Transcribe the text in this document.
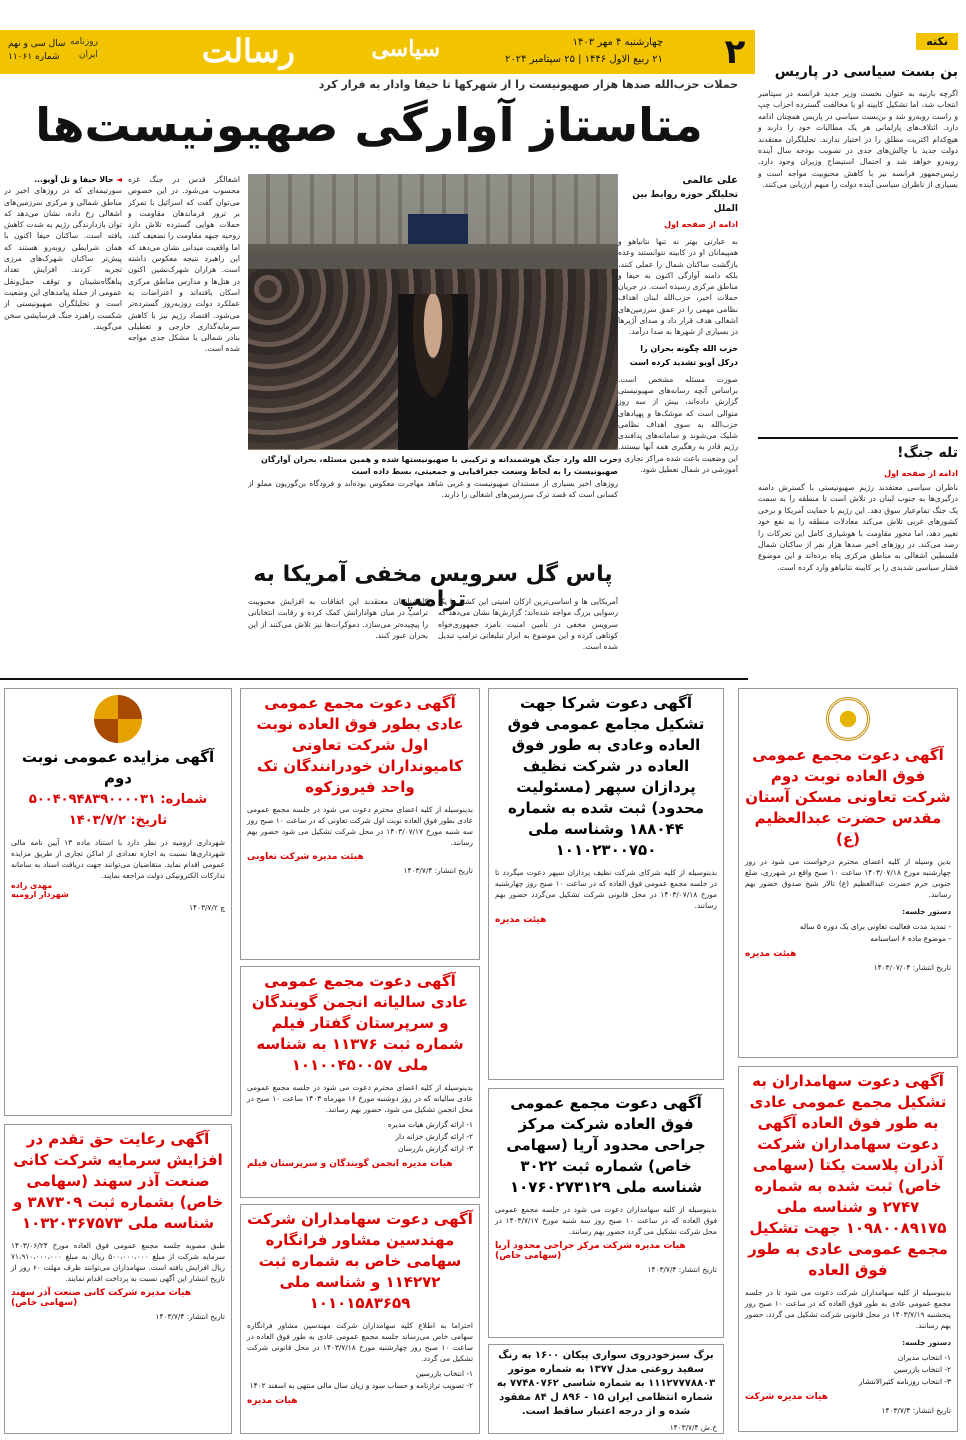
۲
چهارشنبه ۴ مهر ۱۴۰۳
۲۱ ربیع الاول ۱۴۴۶ | ۲۵ سپتامبر ۲۰۲۴
سیاسی
رسالت
روزنامه
ایران
سال سی و نهم
شماره ۱۱۰۶۱
نکته
بن بست سیاسی در پاریس
اگرچه بارنیه به عنوان نخست وزیر جدید فرانسه در سپتامبر انتخاب شد، اما تشکیل کابینه او با مخالفت گسترده احزاب چپ و راست روبه‌رو شد و بن‌بست سیاسی در پاریس همچنان ادامه دارد. ائتلاف‌های پارلمانی هر یک مطالبات خود را دارند و هیچ‌کدام اکثریت مطلق را در اختیار ندارند. تحلیلگران معتقدند دولت جدید با چالش‌های جدی در تصویب بودجه سال آینده روبه‌رو خواهد شد و احتمال استیضاح وزیران وجود دارد. رئیس‌جمهور فرانسه نیز با کاهش محبوبیت مواجه است و بسیاری از ناظران سیاسی آینده دولت را مبهم ارزیابی می‌کنند.
تله جنگ!
ادامه از صفحه اول
ناظران سیاسی معتقدند رژیم صهیونیستی با گسترش دامنه درگیری‌ها به جنوب لبنان در تلاش است تا منطقه را به سمت یک جنگ تمام‌عیار سوق دهد. این رژیم با حمایت آمریکا و برخی کشورهای غربی تلاش می‌کند معادلات منطقه را به نفع خود تغییر دهد، اما محور مقاومت با هوشیاری کامل این تحرکات را رصد می‌کند. در روزهای اخیر صدها هزار نفر از ساکنان شمال فلسطین اشغالی به مناطق مرکزی پناه برده‌اند و این موضوع فشار سیاسی شدیدی را بر کابینه نتانیاهو وارد کرده است.
حملات حزب‌الله صدها هزار صهیونیست را از شهرکها تا حیفا وادار به فرار کرد
متاستاز آوارگی صهیونیست‌ها
علی عالمی
تحلیلگر حوزه روابط بین الملل
ادامه از صفحه اول
به عبارتی بهتر نه تنها نتانیاهو و همپیمانان او در کابینه نتوانستند وعده بازگشت ساکنان شمال را عملی کنند، بلکه دامنه آوارگی اکنون به حیفا و مناطق مرکزی رسیده است. در جریان حملات اخیر، حزب‌الله لبنان اهداف نظامی مهمی را در عمق سرزمین‌های اشغالی هدف قرار داد و صدای آژیرها در بسیاری از شهرها به صدا درآمد.
حزب الله چگونه بحران را درکل آویو تشدید کرده است
صورت مسئله مشخص است. براساس آنچه رسانه‌های صهیونیستی گزارش داده‌اند، بیش از سه روز متوالی است که موشک‌ها و پهپادهای حزب‌الله به سوی اهداف نظامی شلیک می‌شوند و سامانه‌های پدافندی رژیم قادر به رهگیری همه آنها نیستند. این وضعیت باعث شده مراکز تجاری و آموزشی در شمال تعطیل شود.
حزب الله وارد جنگ هوشمندانه و ترکیبی با صهیونیستها شده و همین مسئله، بحران آوارگان صهیونیست را به لحاظ وسعت جغرافیایی و جمعیتی، بسط داده است
اشغالگر قدس در جنگ غزه محسوب می‌شود. در این خصوص می‌توان گفت که اسرائیل با تمرکز بر ترور فرماندهان مقاومت و حملات هوایی گسترده تلاش دارد روحیه جبهه مقاومت را تضعیف کند، اما واقعیت میدانی نشان می‌دهد که این راهبرد نتیجه معکوس داشته است. هزاران شهرک‌نشین اکنون در هتل‌ها و مدارس مناطق مرکزی اسکان یافته‌اند و اعتراضات به عملکرد دولت روزبه‌روز گسترده‌تر می‌شود. اقتصاد رژیم نیز با کاهش سرمایه‌گذاری خارجی و تعطیلی بنادر شمالی با مشکل جدی مواجه شده است.
◄ حالا حیفا و تل آویو...
سورتیمه‌ای که در روزهای اخیر در مناطق شمالی و مرکزی سرزمین‌های اشغالی رخ داده، نشان می‌دهد که توان بازدارندگی رژیم به شدت کاهش یافته است. ساکنان حیفا اکنون با همان شرایطی روبه‌رو هستند که پیش‌تر ساکنان شهرک‌های مرزی تجربه کردند. افزایش تعداد پناهگاه‌نشینان و توقف حمل‌ونقل عمومی از جمله پیامدهای این وضعیت است و تحلیلگران صهیونیستی از شکست راهبرد جنگ فرسایشی سخن می‌گویند.
روزهای اخیر بسیاری از مستندان صهیونیست و غربی شاهد مهاجرت معکوس بوده‌اند و فرودگاه بن‌گوریون مملو از کسانی است که قصد ترک سرزمین‌های اشغالی را دارند.
پاس گل سرویس مخفی آمریکا به ترامپ
آمریکایی ها و اساسی‌ترین ارکان امنیتی این کشور با یک رسوایی بزرگ مواجه شده‌اند؛ گزارش‌ها نشان می‌دهد که سرویس مخفی در تأمین امنیت نامزد جمهوری‌خواه کوتاهی کرده و این موضوع به ابزار تبلیغاتی ترامپ تبدیل شده است.
کارشناسان معتقدند این اتفاقات به افزایش محبوبیت ترامپ در میان هوادارانش کمک کرده و رقابت انتخاباتی را پیچیده‌تر می‌سازد. دموکرات‌ها نیز تلاش می‌کنند از این بحران عبور کنند.
آگهی دعوت مجمع عمومی فوق العاده نوبت دوم شرکت تعاونی مسکن آستان مقدس حضرت عبدالعظیم (ع)
بدین وسیله از کلیه اعضای محترم درخواست می شود در روز چهارشنبه مورخ ۱۴۰۳/۰۷/۱۸ ساعت ۱۰ صبح واقع در شهرری، ضلع جنوبی حرم حضرت عبدالعظیم (ع) تالار شیخ صدوق حضور بهم رسانند.
دستور جلسه:
- تمدید مدت فعالیت تعاونی برای یک دوره ۵ ساله
- موضوع ماده ۶ اساسنامه
هیئت مدیره
تاریخ انتشار: ۱۴۰۳/۰۷/۰۴
آگهی دعوت سهامداران به تشکیل مجمع عمومی عادی به طور فوق العاده آگهی دعوت سهامداران شرکت آذران پلاست یکتا (سهامی خاص) ثبت شده به شماره ۲۷۴۷ و شناسه ملی ۱۰۹۸۰۰۸۹۱۷۵ جهت تشکیل مجمع عمومی عادی به طور فوق العاده
بدینوسیله از کلیه سهامداران شرکت دعوت می شود تا در جلسه مجمع عمومی عادی به طور فوق العاده که در ساعت ۱۰ صبح روز پنجشنبه ۱۴۰۳/۷/۱۹ در محل قانونی شرکت تشکیل می گردد، حضور بهم رسانند.
دستور جلسه:
۱- انتخاب مدیران
۲- انتخاب بازرسین
۳- انتخاب روزنامه کثیرالانتشار
هیات مدیره شرکت
تاریخ انتشار: ۱۴۰۳/۷/۴
آگهی دعوت شرکا جهت تشکیل مجامع عمومی فوق العاده وعادی به طور فوق العاده در شرکت نظیف پردازان سپهر (مسئولیت محدود) ثبت شده به شماره ۱۸۸۰۴۴ وشناسه ملی ۱۰۱۰۲۳۰۰۷۵۰
بدینوسیله از کلیه شرکای شرکت نظیف پردازان سپهر دعوت میگردد تا در جلسه مجمع عمومی فوق العاده که در ساعت ۱۰ صبح روز چهارشنبه مورخ ۱۴۰۳/۰۷/۱۸ در محل قانونی شرکت تشکیل می‌گردد حضور بهم رسانند.
هیئت مدیره
آگهی دعوت مجمع عمومی فوق العاده شرکت مرکز جراحی محدود آریا (سهامی خاص) شماره ثبت ۳۰۲۲ شناسه ملی ۱۰۷۶۰۲۷۳۱۲۹
بدینوسیله از کلیه سهامداران دعوت می شود در جلسه مجمع عمومی فوق العاده که در ساعت ۱۰ صبح روز سه شنبه مورخ ۱۴۰۳/۷/۱۷ در محل شرکت تشکیل می گردد حضور بهم رسانند.
هیات مدیره شرکت مرکز جراحی محدود آریا (سهامی خاص)
تاریخ انتشار: ۱۴۰۳/۷/۴
برگ سبزخودروی سواری پیکان ۱۶۰۰ به رنگ سفید روغنی مدل ۱۳۷۷ به شماره موتور ۱۱۱۲۷۷۷۸۸۰۳ به شماره شاسی ۷۷۴۸۰۷۶۲ به شماره انتظامی ایران ۱۵ - ۸۹۶ ل ۸۴ مفقود شده و از درجه اعتبار ساقط است.
خ.ش ۱۴۰۳/۷/۴
آگهی دعوت مجمع عمومی عادی بطور فوق العاده نوبت اول شرکت تعاونی کامیونداران خودرانندگان تک واحد فیروزکوه
بدینوسیله از کلیه اعضای محترم دعوت می شود در جلسه مجمع عمومی عادی بطور فوق العاده نوبت اول شرکت تعاونی که در ساعت ۱۰ صبح روز سه شنبه مورخ ۱۴۰۳/۰۷/۱۷ در محل شرکت تشکیل می شود حضور بهم رسانند.
هیئت مدیره شرکت تعاونی
تاریخ انتشار: ۱۴۰۳/۷/۴
آگهی دعوت مجمع عمومی عادی سالیانه انجمن گویندگان و سرپرستان گفتار فیلم شماره ثبت ۱۱۳۷۶ به شناسه ملی ۱۰۱۰۰۴۵۰۰۵۷
بدینوسیله از کلیه اعضای محترم دعوت می شود در جلسه مجمع عمومی عادی سالیانه که در روز دوشنبه مورخ ۱۶ مهرماه ۱۴۰۳ ساعت ۱۰ صبح در محل انجمن تشکیل می شود، حضور بهم رسانند.
۱- ارائه گزارش هیات مدیره
۲- ارائه گزارش خزانه دار
۳- ارائه گزارش بازرسان
هیات مدیره انجمن گویندگان و سرپرستان فیلم
آگهی دعوت سهامداران شرکت مهندسین مشاور فرانگاره سهامی خاص به شماره ثبت ۱۱۴۲۷۲ و شناسه ملی ۱۰۱۰۱۵۸۳۶۵۹
احتراما به اطلاع کلیه سهامداران شرکت مهندسین مشاور فرانگاره سهامی خاص می‌رساند جلسه مجمع عمومی عادی به طور فوق العاده در ساعت ۱۰ صبح روز چهارشنبه مورخ ۱۴۰۳/۷/۱۸ در محل قانونی شرکت تشکیل می گردد.
۱- انتخاب بازرسین
۲- تصویب ترازنامه و حساب سود و زیان سال مالی منتهی به اسفند ۱۴۰۲
هیات مدیره
آگهی مزایده عمومی نوبت دوم
شماره: ۵۰۰۴۰۹۴۸۳۹۰۰۰۰۳۱
تاریخ: ۱۴۰۳/۷/۲
شهرداری ارومیه در نظر دارد با استناد ماده ۱۳ آیین نامه مالی شهرداری‌ها نسبت به اجاره تعدادی از اماکن تجاری از طریق مزایده عمومی اقدام نماید. متقاضیان می‌توانند جهت دریافت اسناد به سامانه تدارکات الکترونیکی دولت مراجعه نمایند.
مهدی زاده
شهردار ارومیه
چ ۱۴۰۳/۷/۲
آگهی رعایت حق تقدم در افزایش سرمایه شرکت کانی صنعت آذر سهند (سهامی خاص) بشماره ثبت ۳۸۷۳۰۹ و شناسه ملی ۱۰۳۲۰۳۶۷۵۷۳
طبق مصوبه جلسه مجمع عمومی فوق العاده مورخ ۱۴۰۳/۰۶/۲۴ سرمایه شرکت از مبلغ ۵۰۰،۰۰۰،۰۰۰ ریال به مبلغ ۷۱،۹۱۰،۰۰۰،۰۰۰ ریال افزایش یافته است. سهامداران می‌توانند ظرف مهلت ۶۰ روز از تاریخ انتشار این آگهی نسبت به پرداخت اقدام نمایند.
هیات مدیره شرکت کانی صنعت آذر سهند (سهامی خاص)
تاریخ انتشار: ۱۴۰۳/۷/۴
